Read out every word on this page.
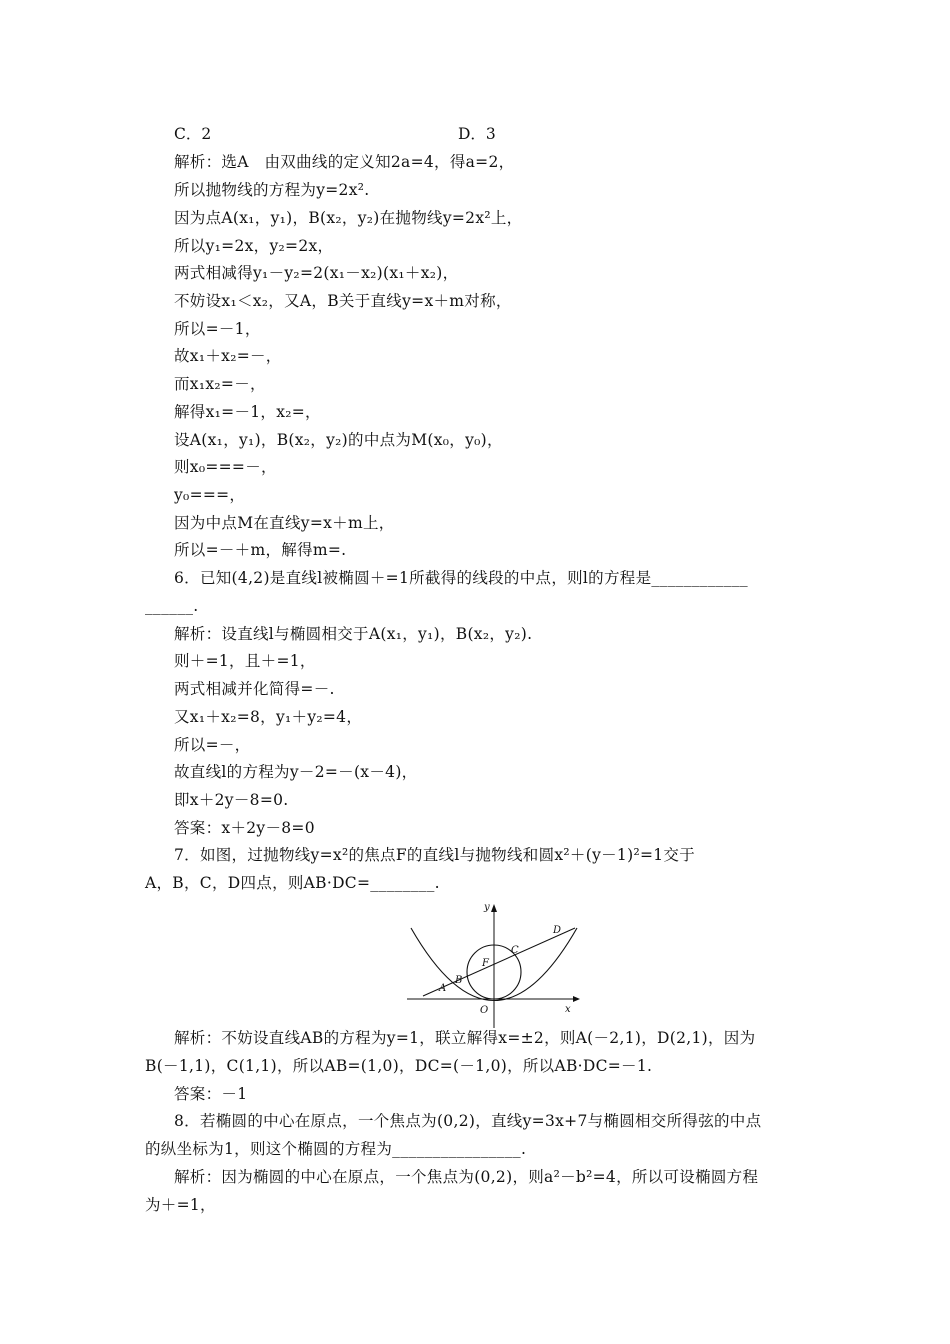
C．2	D．3
解析：选A　由双曲线的定义知2a=4，得a=2，
所以抛物线的方程为y=2x².
因为点A(x₁，y₁)，B(x₂，y₂)在抛物线y=2x²上，
所以y₁=2x，y₂=2x，
两式相减得y₁－y₂=2(x₁－x₂)(x₁＋x₂)，
不妨设x₁＜x₂，又A，B关于直线y=x＋m对称，
所以=－1，
故x₁＋x₂=－，
而x₁x₂=－，
解得x₁=－1，x₂=，
设A(x₁，y₁)，B(x₂，y₂)的中点为M(x₀，y₀)，
则x₀===－，
y₀===，
因为中点M在直线y=x＋m上，
所以=－＋m，解得m=.
6．已知(4,2)是直线l被椭圆＋=1所截得的线段的中点，则l的方程是____________
______.
解析：设直线l与椭圆相交于A(x₁，y₁)，B(x₂，y₂).
则＋=1，且＋=1，
两式相减并化简得=－.
又x₁＋x₂=8，y₁＋y₂=4，
所以=－，
故直线l的方程为y－2=－(x－4)，
即x＋2y－8=0.
答案：x＋2y－8=0
7．如图，过抛物线y=x²的焦点F的直线l与抛物线和圆x²＋(y－1)²=1交于
A，B，C，D四点，则AB·DC=________.
y
x
O
A
B
C
D
F
解析：不妨设直线AB的方程为y=1，联立解得x=±2，则A(－2,1)，D(2,1)，因为
B(－1,1)，C(1,1)，所以AB=(1,0)，DC=(－1,0)，所以AB·DC=－1.
答案：－1
8．若椭圆的中心在原点，一个焦点为(0,2)，直线y=3x+7与椭圆相交所得弦的中点
的纵坐标为1，则这个椭圆的方程为________________.
解析：因为椭圆的中心在原点，一个焦点为(0,2)，则a²－b²=4，所以可设椭圆方程
为＋=1，
